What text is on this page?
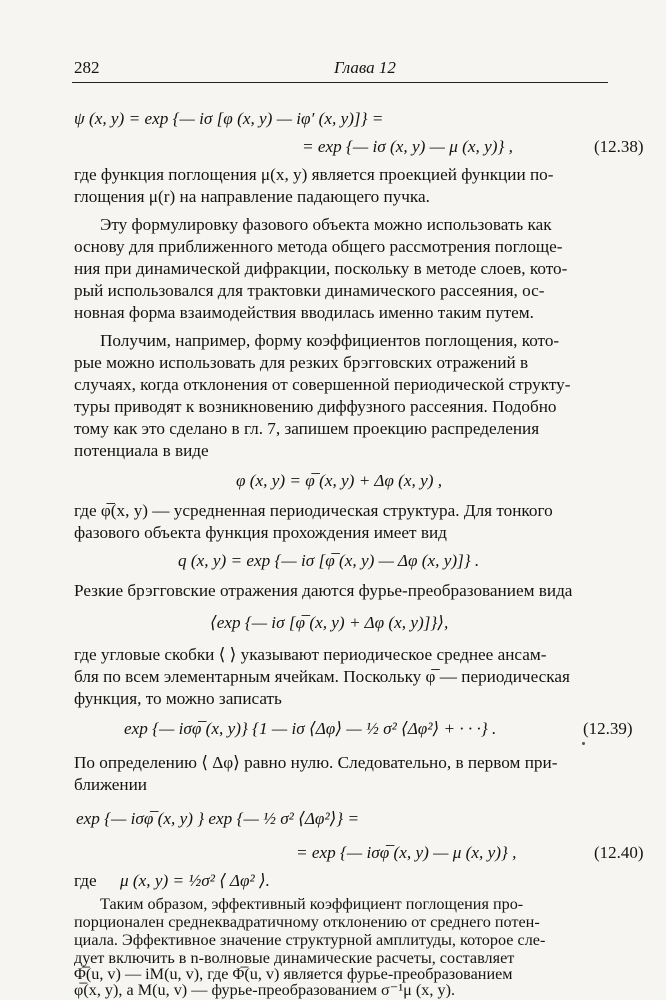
282	Глава 12
ψ (x, y) = exp {— iσ [φ (x, y) — iφ′ (x, y)]} =
= exp {— iσ (x, y) — μ (x, y)} ,	(12.38)
где функция поглощения μ(x, y) является проекцией функции по-
глощения μ(r) на направление падающего пучка.
Эту формулировку фазового объекта можно использовать как
основу для приближенного метода общего рассмотрения поглоще-
ния при динамической дифракции, поскольку в методе слоев, кото-
рый использовался для трактовки динамического рассеяния, ос-
новная форма взаимодействия вводилась именно таким путем.
Получим, например, форму коэффициентов поглощения, кото-
рые можно использовать для резких брэгговских отражений в
случаях, когда отклонения от совершенной периодической структу-
туры приводят к возникновению диффузного рассеяния. Подобно
тому как это сделано в гл. 7, запишем проекцию распределения
потенциала в виде
φ (x, y) = φ̅ (x, y) + Δφ (x, y) ,
где φ̅(x, y) — усредненная периодическая структура. Для тонкого
фазового объекта функция прохождения имеет вид
q (x, y) = exp {— iσ [φ̅ (x, y) — Δφ (x, y)]} .
Резкие брэгговские отражения даются фурье-преобразованием вида
⟨exp {— iσ [φ̅ (x, y) + Δφ (x, y)]}⟩,
где угловые скобки ⟨ ⟩ указывают периодическое среднее ансам-
бля по всем элементарным ячейкам. Поскольку φ̅ — периодическая
функция, то можно записать
exp {— iσφ̅ (x, y)} {1 — iσ ⟨Δφ⟩ — ½ σ² ⟨Δφ²⟩ + · · ·} .	(12.39)
По определению ⟨ Δφ⟩ равно нулю. Следовательно, в первом при-
ближении
exp {— iσφ̅ (x, y) } exp {— ½ σ² ⟨Δφ²⟩} =
= exp {— iσφ̅ (x, y) — μ (x, y)} ,	(12.40)
где μ (x, y) = ½σ² ⟨ Δφ² ⟩.
Таким образом, эффективный коэффициент поглощения про-
порционален среднеквадратичному отклонению от среднего потен-
циала. Эффективное значение структурной амплитуды, которое сле-
Φ̅(u, v) — iM(u, v), где Φ̅(u, v) является фурье-преобразованием
φ̅(x, y), а M(u, v) — фурье-преобразованием σ⁻¹μ (x, y).
дует включить в n-волновые динамические расчеты, составляет
